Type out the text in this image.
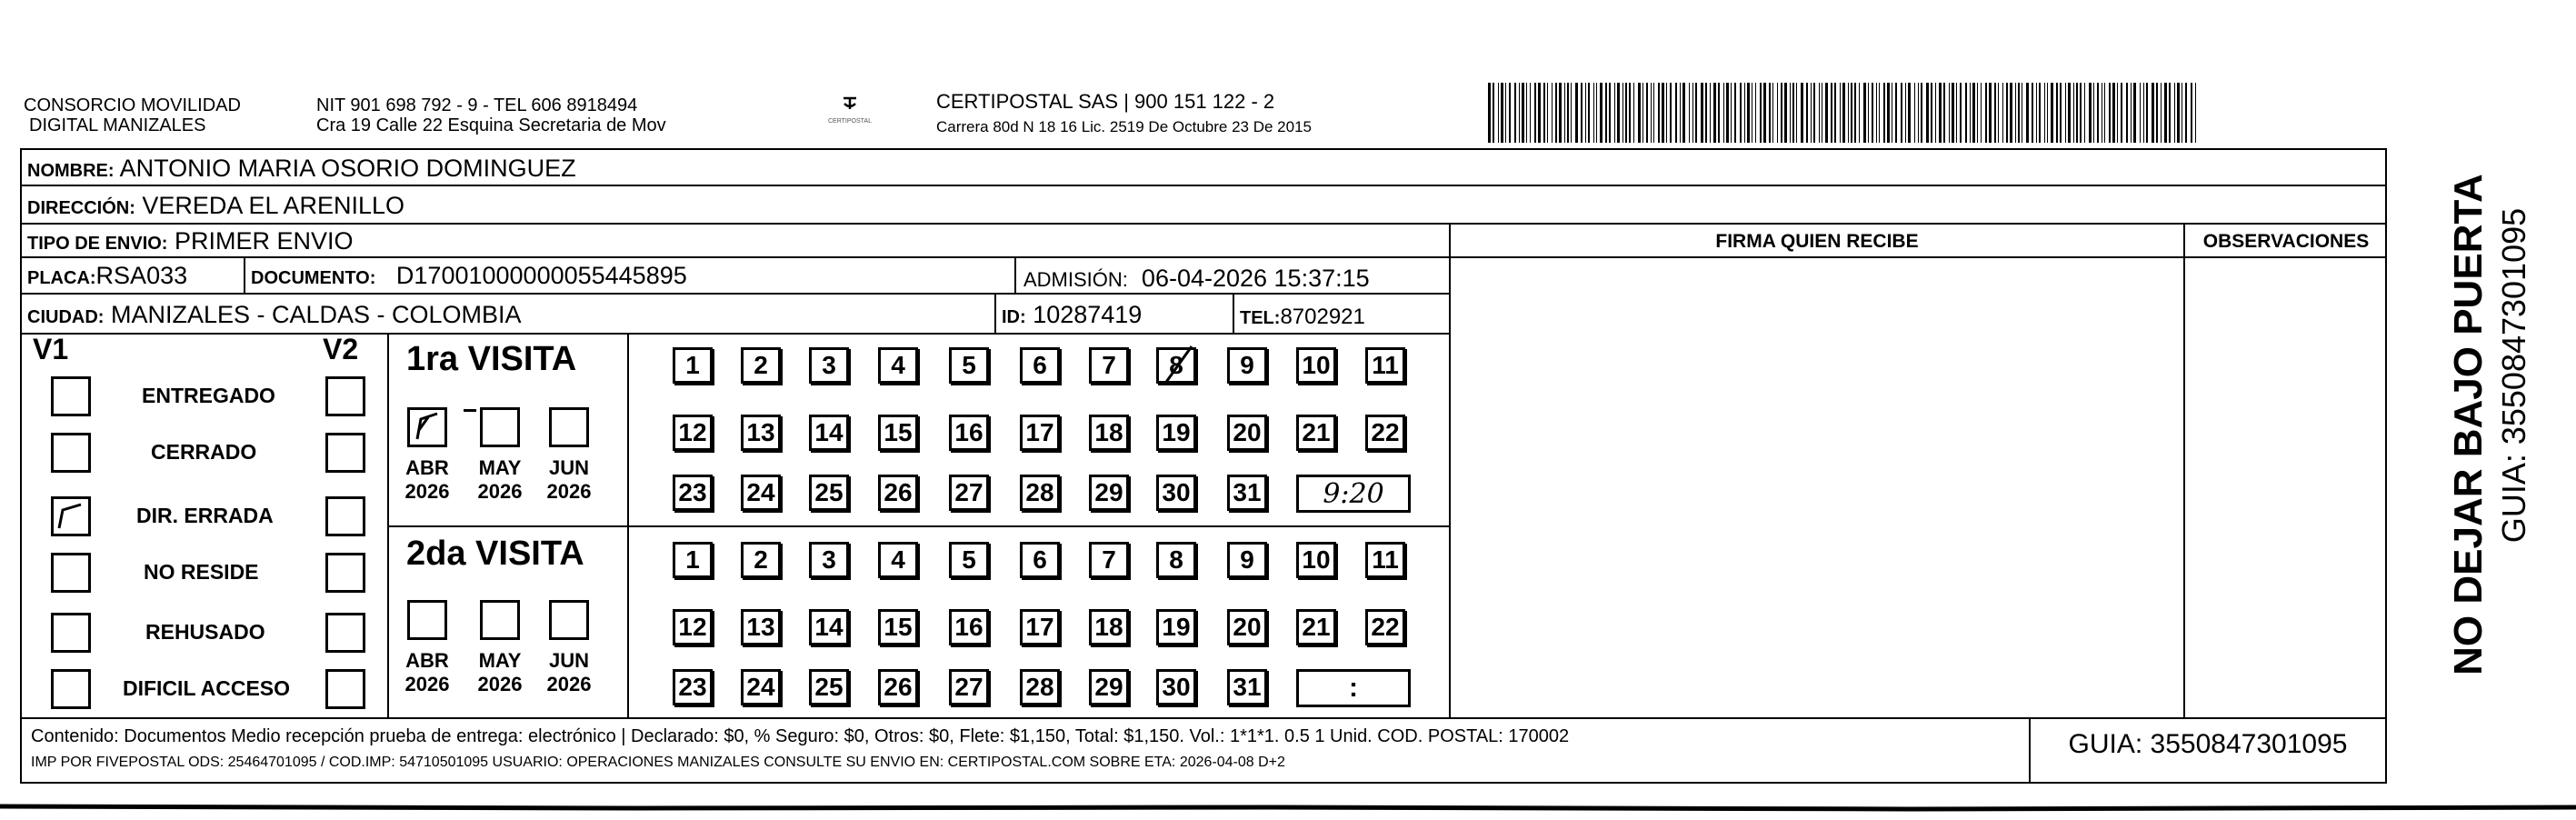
CONSORCIO MOVILIDAD
DIGITAL MANIZALES
NIT 901 698 792 - 9 - TEL 606 8918494
Cra 19 Calle 22 Esquina Secretaria de Mov	CERTIPOSTAL
CERTIPOSTAL SAS | 900 151 122 - 2
Carrera 80d N 18 16 Lic. 2519 De Octubre 23 De 2015
NOMBRE: ANTONIO MARIA OSORIO DOMINGUEZ
DIRECCIÓN: VEREDA EL ARENILLO
TIPO DE ENVIO: PRIMER ENVIO
PLACA:RSA033	DOCUMENTO: D17001000000055445895	ADMISIÓN: 06-04-2026 15:37:15
CIUDAD: MANIZALES - CALDAS - COLOMBIA	ID: 10287419	TEL:8702921
FIRMA QUIEN RECIBE	OBSERVACIONES
V1	V2
ENTREGADO
CERRADO
DIR. ERRADA
NO RESIDE
REHUSADO
DIFICIL ACCESO
1ra VISITA
2da VISITA
ABR
2026
MAY
2026
JUN
2026
ABR
2026
MAY
2026
JUN
2026
1 2 3 4 5 6 7 8 9 10 11
12 13 14 15 16 17 18 19 20 21 22
23 24 25 26 27 28 29 30 31	9:20
1 2 3 4 5 6 7 8 9 10 11
12 13 14 15 16 17 18 19 20 21 22
23 24 25 26 27 28 29 30 31	:
Contenido: Documentos Medio recepción prueba de entrega: electrónico | Declarado: $0, % Seguro: $0, Otros: $0, Flete: $1,150, Total: $1,150. Vol.: 1*1*1. 0.5 1 Unid. COD. POSTAL: 170002
IMP POR FIVEPOSTAL ODS: 25464701095 / COD.IMP: 54710501095 USUARIO: OPERACIONES MANIZALES CONSULTE SU ENVIO EN: CERTIPOSTAL.COM SOBRE ETA: 2026-04-08 D+2
GUIA: 3550847301095
NO DEJAR BAJO PUERTA GUIA: 3550847301095
